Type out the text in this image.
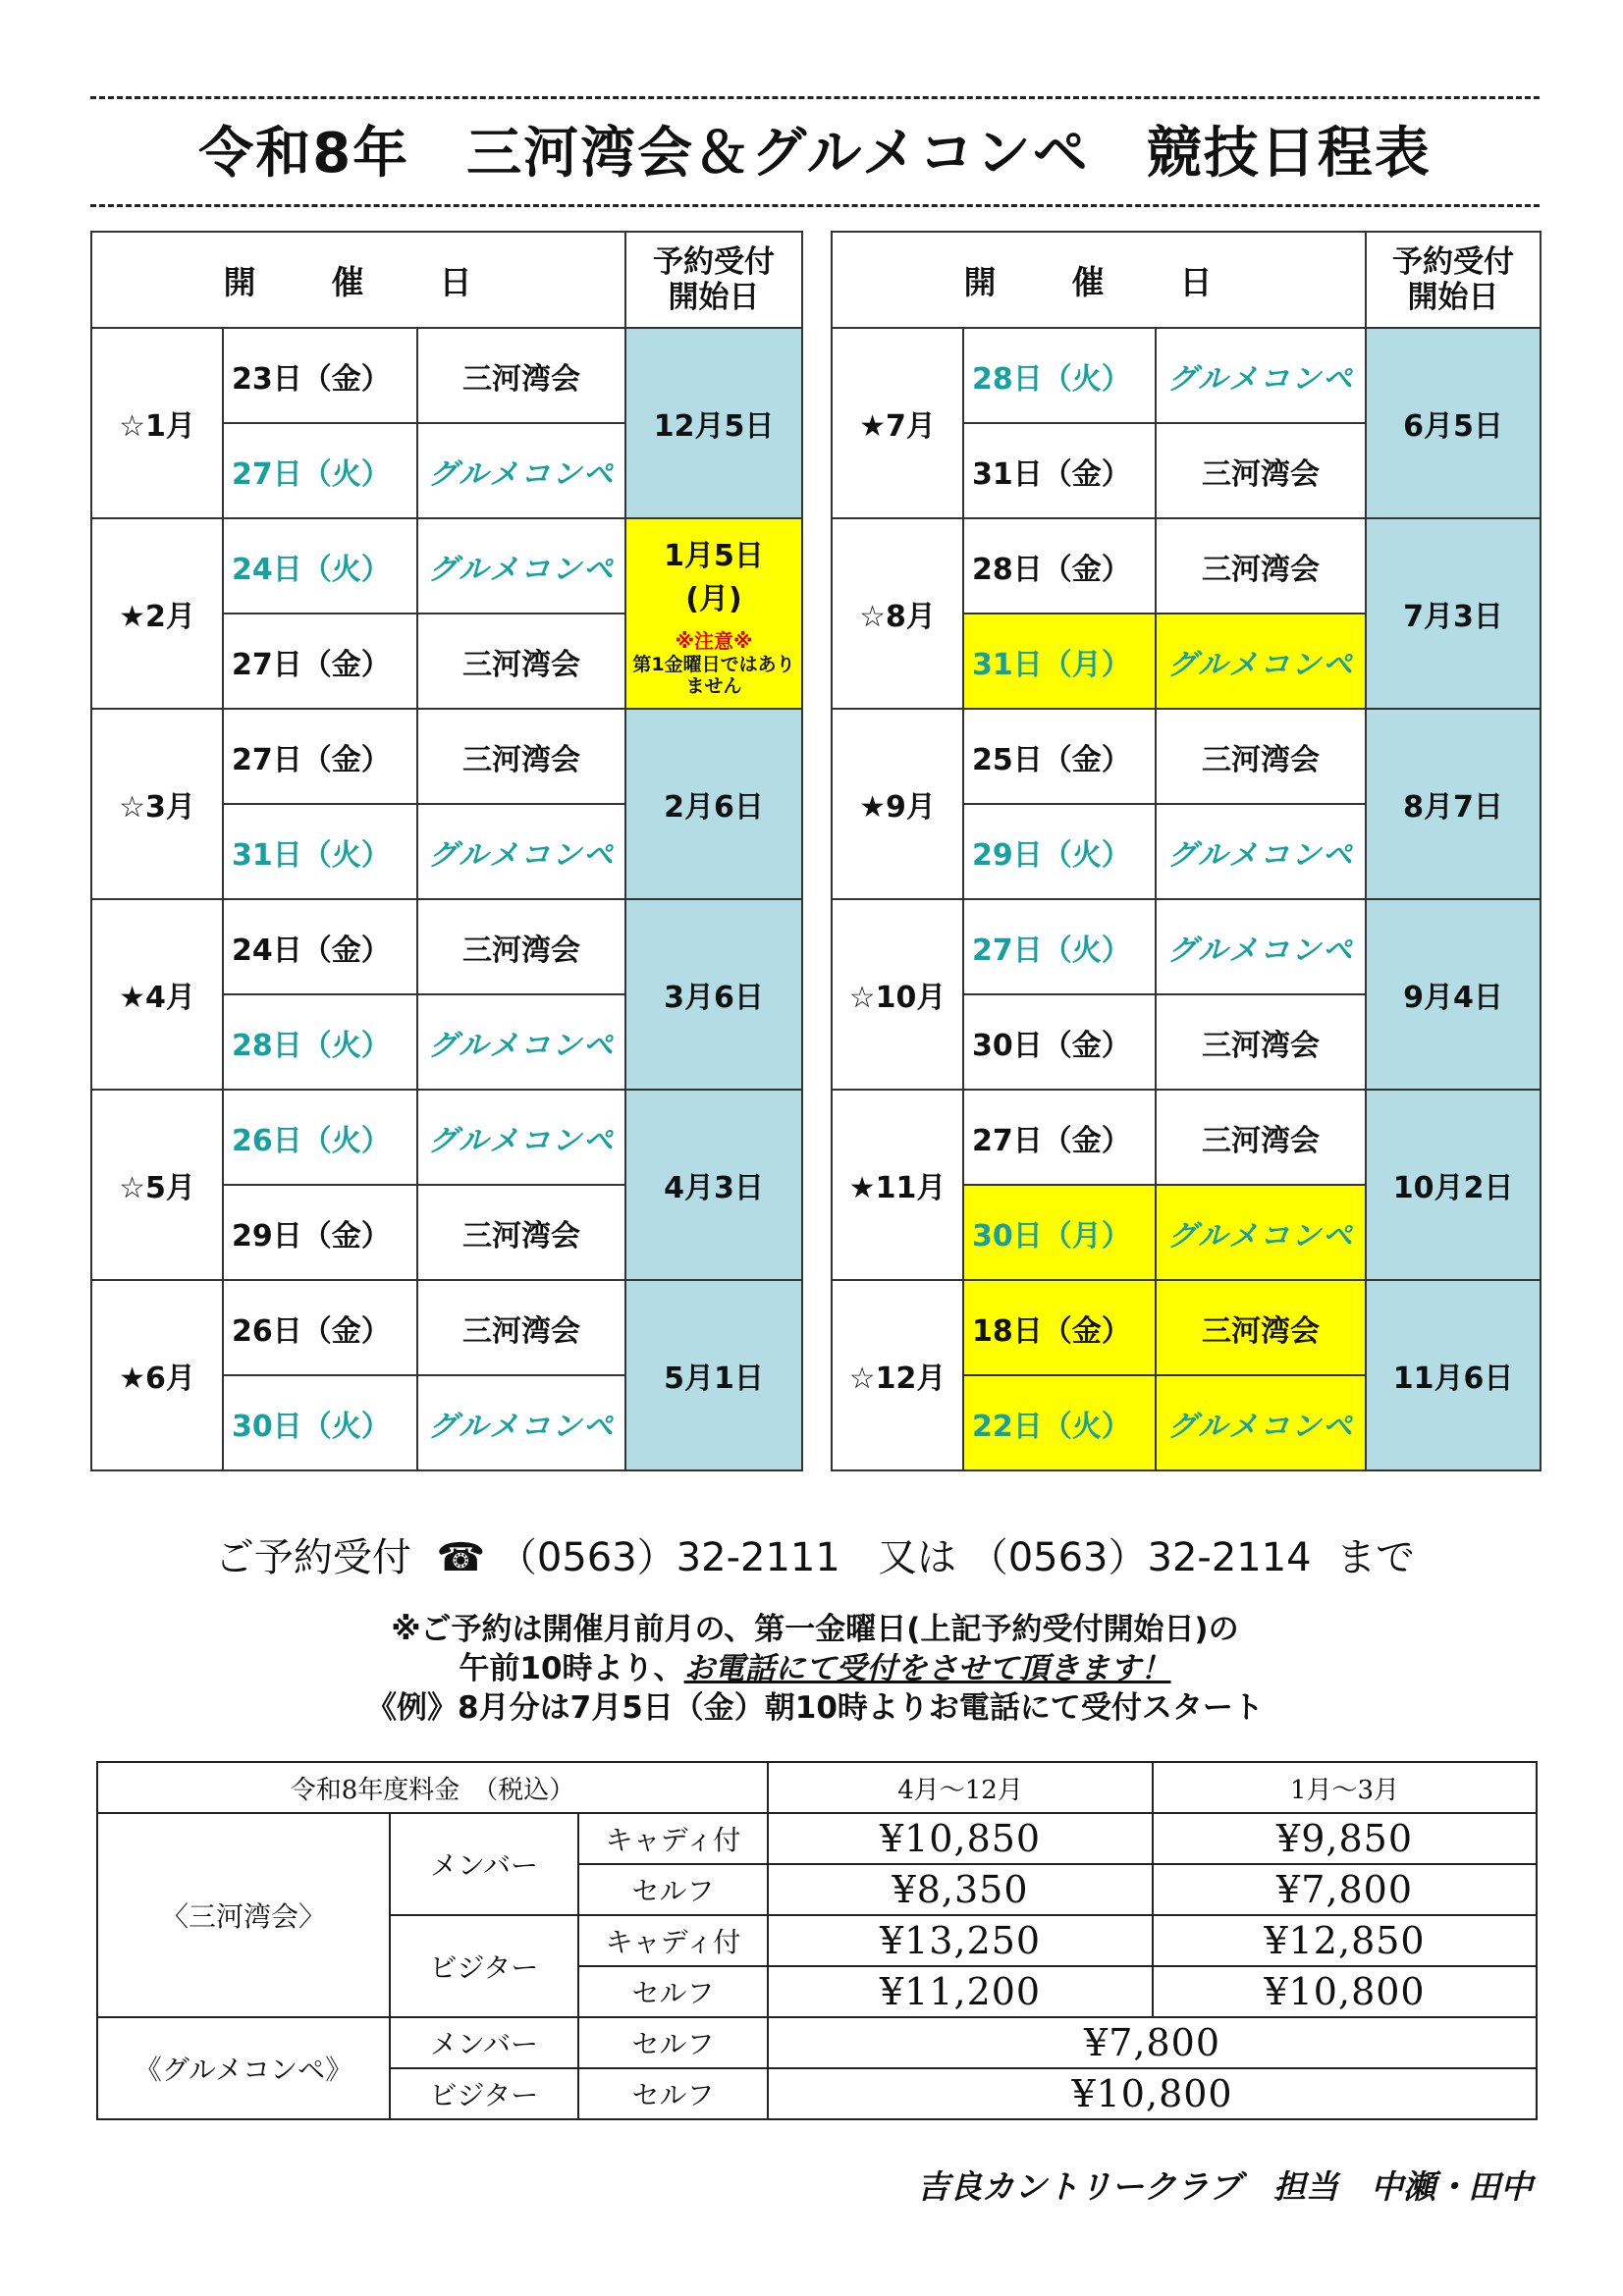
令和8年　三河湾会＆グルメコンペ　競技日程表
開　催　日			予約受付
開始日
☆1月	23日（金）	三河湾会	12月5日
	27日（火）	グルメコンペ	
★2月	24日（火）	グルメコンペ	1月5日
(月)
※注意※
第1金曜日ではありません

	27日（金）	三河湾会	
☆3月	27日（金）	三河湾会	2月6日
	31日（火）	グルメコンペ	
★4月	24日（金）	三河湾会	3月6日
	28日（火）	グルメコンペ	
☆5月	26日（火）	グルメコンペ	4月3日
	29日（金）	三河湾会	
★6月	26日（金）	三河湾会	5月1日
	30日（火）	グルメコンペ	
開　催　日			予約受付
開始日
★7月	28日（火）	グルメコンペ	6月5日
	31日（金）	三河湾会	
☆8月	28日（金）	三河湾会	7月3日
	31日（月）	グルメコンペ	
★9月	25日（金）	三河湾会	8月7日
	29日（火）	グルメコンペ	
☆10月	27日（火）	グルメコンペ	9月4日
	30日（金）	三河湾会	
★11月	27日（金）	三河湾会	10月2日
	30日（月）	グルメコンペ	
☆12月	18日（金）	三河湾会	11月6日
	22日（火）	グルメコンペ	
ご予約受付 ☎ （0563）32-2111 又は （0563）32-2114 まで
※ご予約は開催月前月の、第一金曜日(上記予約受付開始日)の
午前10時より、お電話にて受付をさせて頂きます！
《例》8月分は7月5日（金）朝10時よりお電話にて受付スタート
令和8年度料金　（税込）			4月～12月	1月～3月
〈三河湾会〉	メンバー	キャディ付	¥10,850	¥9,850
		セルフ	¥8,350	¥7,800
	ビジター	キャディ付	¥13,250	¥12,850
		セルフ	¥11,200	¥10,800
《グルメコンペ》	メンバー	セルフ	¥7,800	
	ビジター	セルフ	¥10,800	
吉良カントリークラブ　担当　中瀬・田中
